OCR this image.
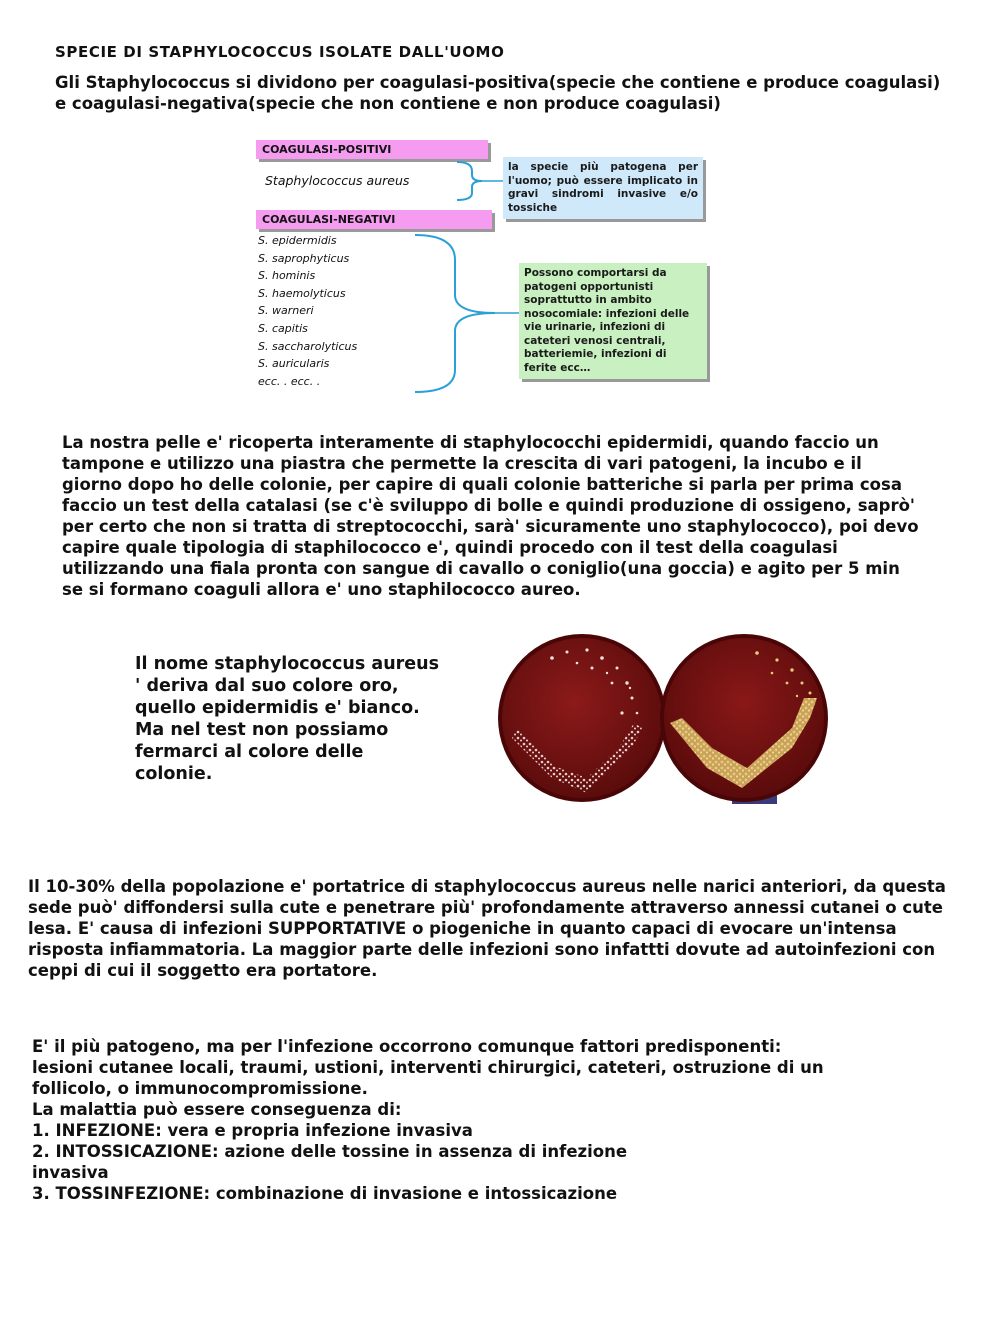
SPECIE DI STAPHYLOCOCCUS ISOLATE DALL'UOMO
Gli Staphylococcus si dividono per coagulasi-positiva(specie che contiene e produce coagulasi) e coagulasi-negativa(specie che non contiene e non produce coagulasi)
COAGULASI-POSITIVI
Staphylococcus aureus
la specie più patogena per l'uomo; può essere implicato in gravi sindromi invasive e/o tossiche
COAGULASI-NEGATIVI
S. epidermidis
S. saprophyticus
S. hominis
S. haemolyticus
S. warneri
S. capitis
S. saccharolyticus
S. auricularis
ecc. . ecc. .
Possono comportarsi da patogeni opportunisti soprattutto in ambito nosocomiale: infezioni delle vie urinarie, infezioni di cateteri venosi centrali, batteriemie, infezioni di ferite ecc…
La nostra pelle e' ricoperta interamente di staphylococchi epidermidi, quando faccio un tampone e utilizzo una piastra che permette la crescita di vari patogeni, la incubo e il giorno dopo ho delle colonie, per capire di quali colonie batteriche si parla per prima cosa faccio un test della catalasi (se c'è sviluppo di bolle e quindi produzione di ossigeno, saprò' per certo che non si tratta di streptococchi, sarà' sicuramente uno staphylococco), poi devo capire quale tipologia di staphilococco e', quindi procedo con il test della coagulasi utilizzando una fiala pronta con sangue di cavallo o coniglio(una goccia) e agito per 5 min se si formano coaguli allora e' uno staphilococco aureo.
Il nome staphylococcus aureus ' deriva dal suo colore oro, quello epidermidis e' bianco. Ma nel test non possiamo fermarci al colore delle colonie.
Il 10-30% della popolazione e' portatrice di staphylococcus aureus nelle narici anteriori, da questa sede può' diffondersi sulla cute e penetrare più' profondamente attraverso annessi cutanei o cute lesa. E' causa di infezioni SUPPORTATIVE o piogeniche in quanto capaci di evocare un'intensa risposta infiammatoria. La maggior parte delle infezioni sono infattti dovute ad autoinfezioni con ceppi di cui il soggetto era portatore.
E' il più patogeno, ma per l'infezione occorrono comunque fattori predisponenti:
lesioni cutanee locali, traumi, ustioni, interventi chirurgici, cateteri, ostruzione di un
follicolo, o immunocompromissione.
La malattia può essere conseguenza di:
1. INFEZIONE: vera e propria infezione invasiva
2. INTOSSICAZIONE: azione delle tossine in assenza di infezione
invasiva
3. TOSSINFEZIONE: combinazione di invasione e intossicazione
